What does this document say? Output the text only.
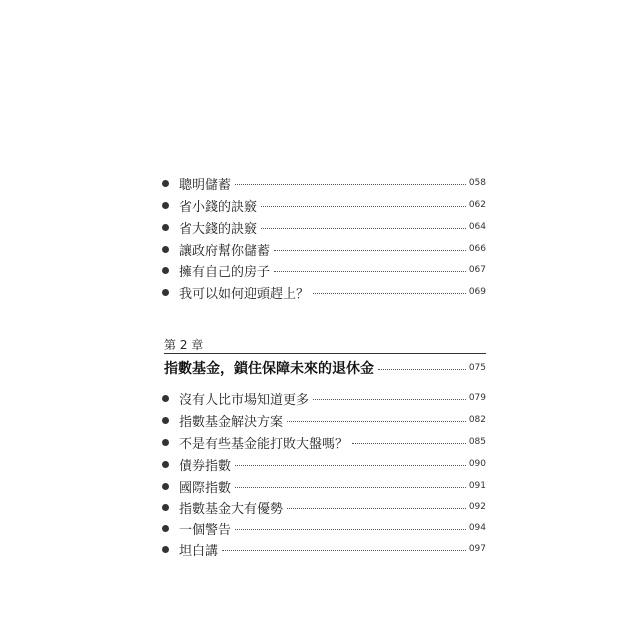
聰明儲蓄	058
省小錢的訣竅	062
省大錢的訣竅	064
讓政府幫你儲蓄	066
擁有自己的房子	067
我可以如何迎頭趕上？	069
第 2 章
指數基金，鎖住保障未來的退休金	075
沒有人比市場知道更多	079
指數基金解決方案	082
不是有些基金能打敗大盤嗎？	085
債券指數	090
國際指數	091
指數基金大有優勢	092
一個警告	094
坦白講	097
